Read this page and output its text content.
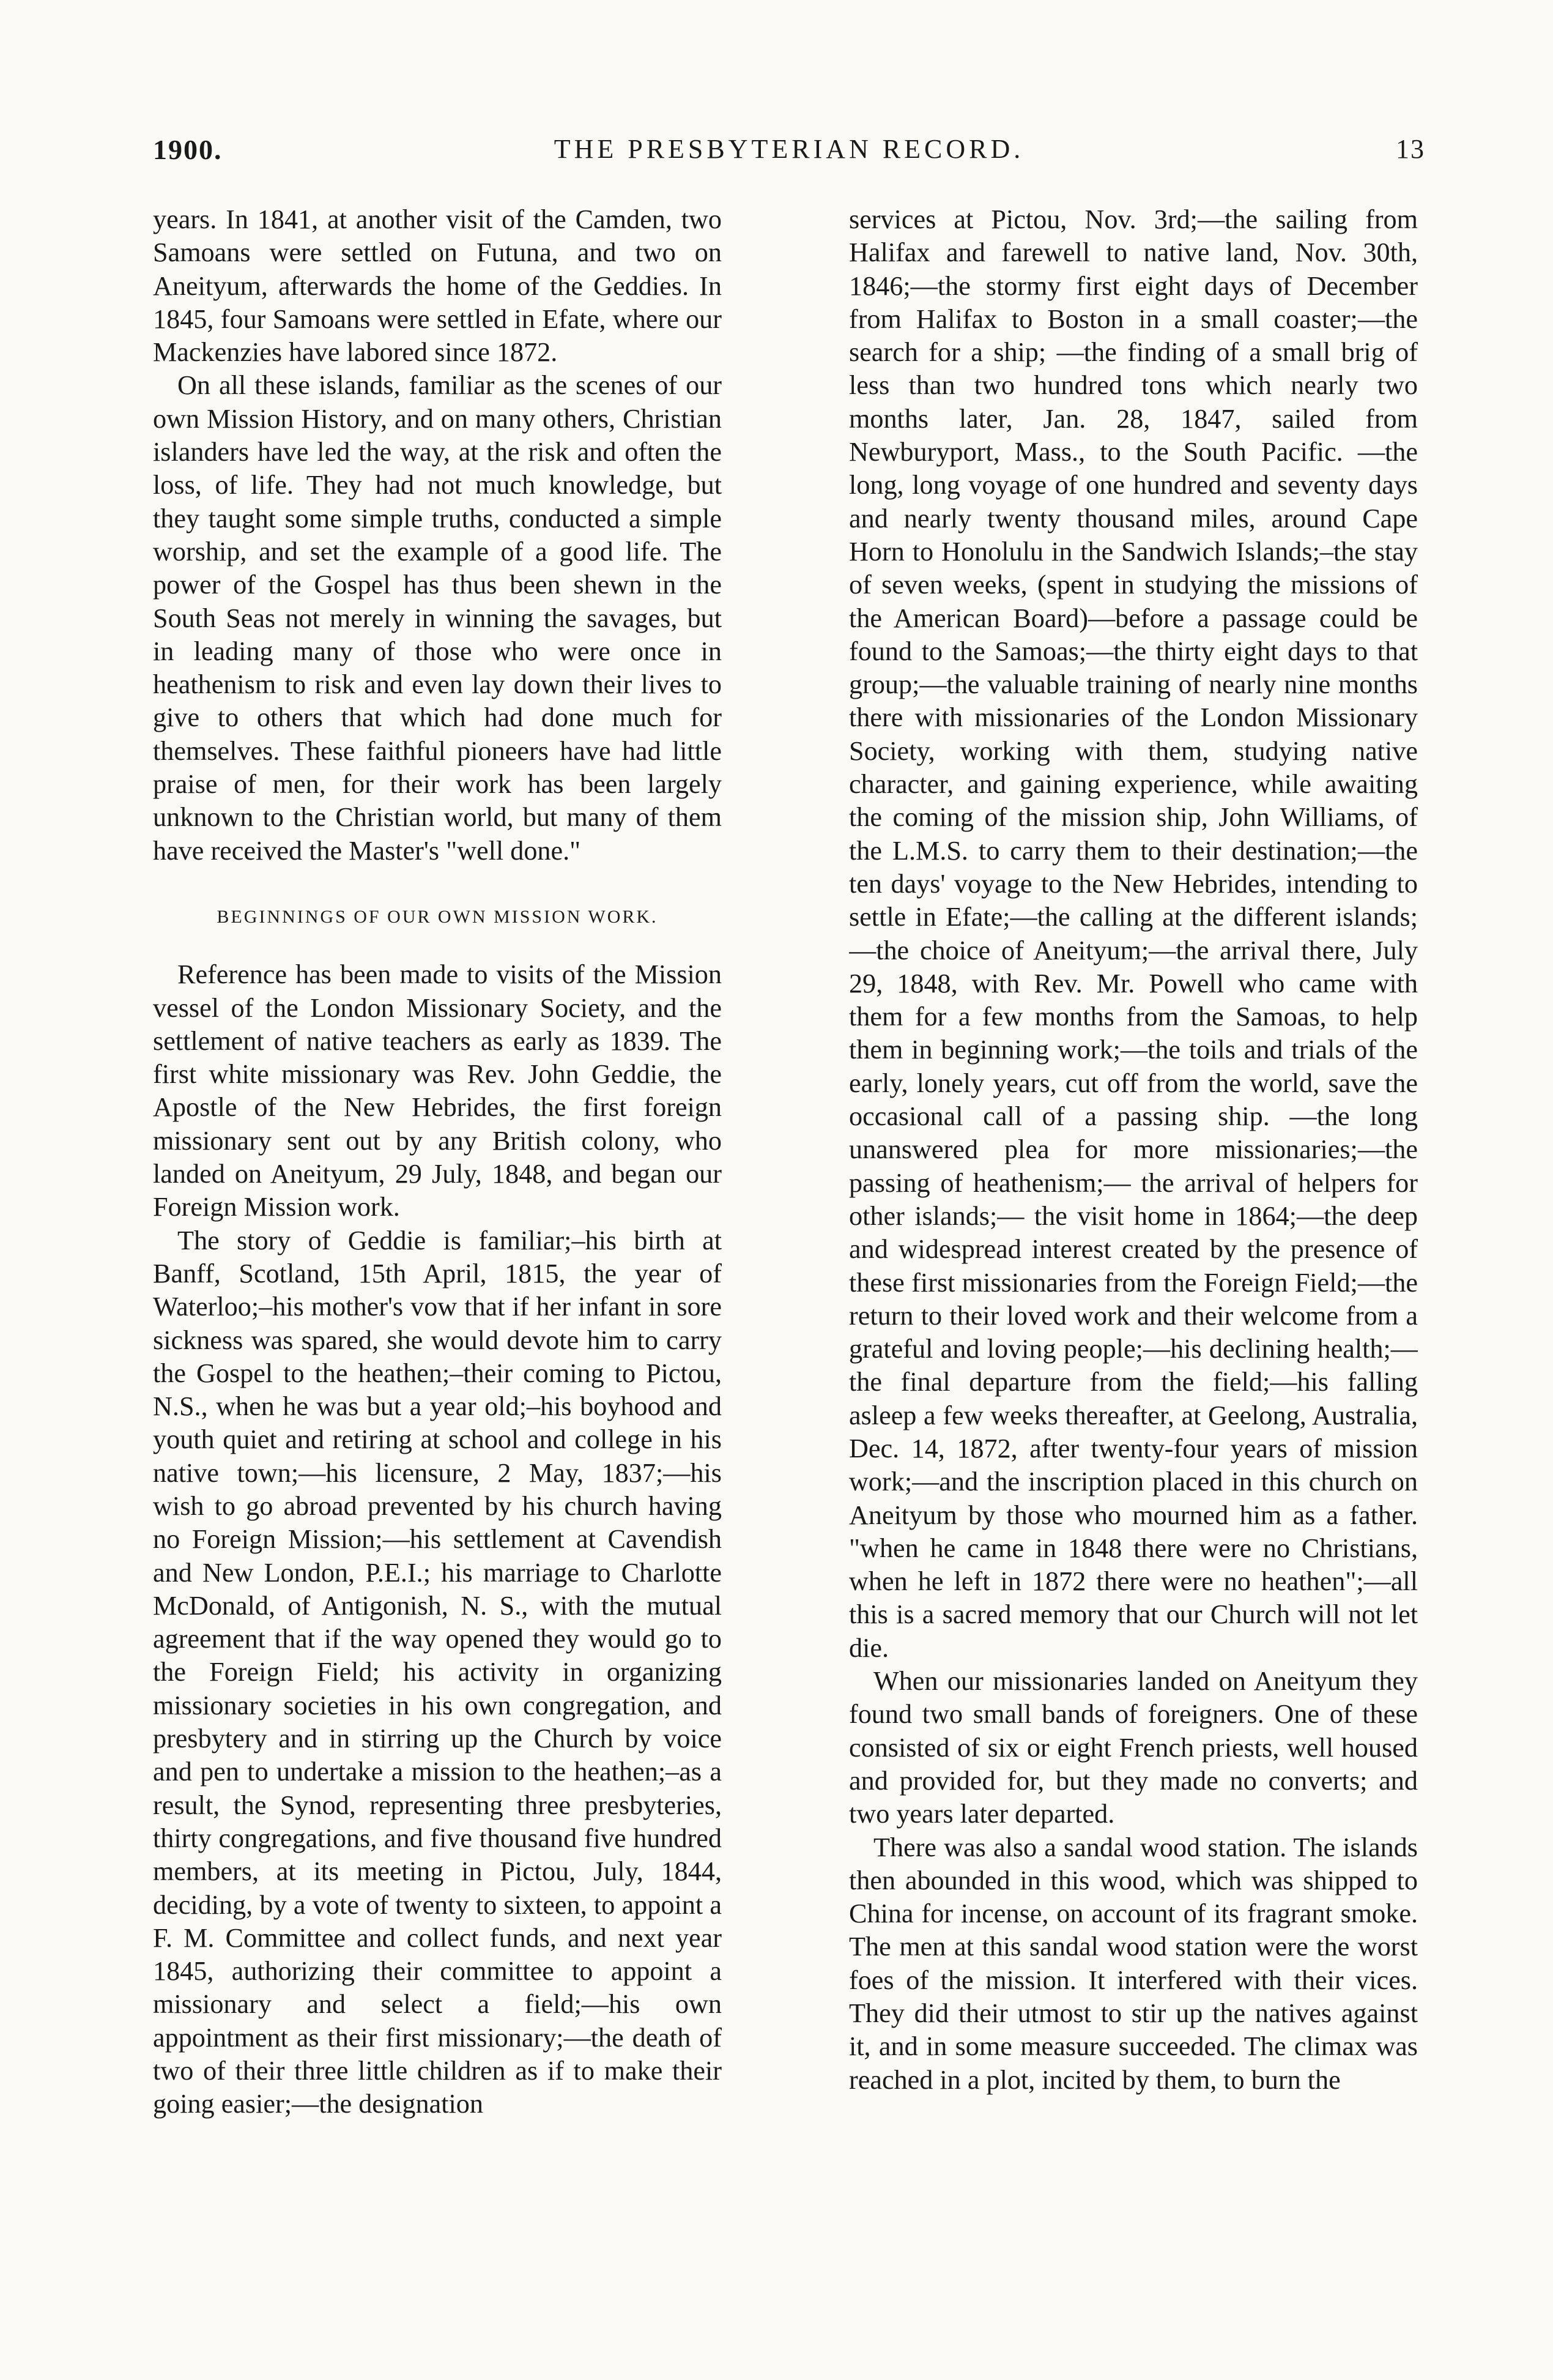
1900.	THE PRESBYTERIAN RECORD.	13

years. In 1841, at another visit of the Camden, two Samoans were settled on Futuna, and two on Aneityum, afterwards the home of the Geddies. In 1845, four Samoans were settled in Efate, where our Mackenzies have labored since 1872.

On all these islands, familiar as the scenes of our own Mission History, and on many others, Christian islanders have led the way, at the risk and often the loss, of life. They had not much knowledge, but they taught some simple truths, conducted a simple worship, and set the example of a good life. The power of the Gospel has thus been shewn in the South Seas not merely in winning the savages, but in leading many of those who were once in heathenism to risk and even lay down their lives to give to others that which had done much for themselves. These faithful pioneers have had little praise of men, for their work has been largely unknown to the Christian world, but many of them have received the Master's "well done."

BEGINNINGS OF OUR OWN MISSION WORK.

Reference has been made to visits of the Mission vessel of the London Missionary Society, and the settlement of native teachers as early as 1839. The first white missionary was Rev. John Geddie, the Apostle of the New Hebrides, the first foreign missionary sent out by any British colony, who landed on Aneityum, 29 July, 1848, and began our Foreign Mission work.

The story of Geddie is familiar;–his birth at Banff, Scotland, 15th April, 1815, the year of Waterloo;–his mother's vow that if her infant in sore sickness was spared, she would devote him to carry the Gospel to the heathen;–their coming to Pictou, N.S., when he was but a year old;–his boyhood and youth quiet and retiring at school and college in his native town;—his licensure, 2 May, 1837;—his wish to go abroad prevented by his church having no Foreign Mission;—his settlement at Cavendish and New London, P.E.I.; his marriage to Charlotte McDonald, of Antigonish, N. S., with the mutual agreement that if the way opened they would go to the Foreign Field; his activity in organizing missionary societies in his own congregation, and presbytery and in stirring up the Church by voice and pen to undertake a mission to the heathen;–as a result, the Synod, representing three presbyteries, thirty congregations, and five thousand five hundred members, at its meeting in Pictou, July, 1844, deciding, by a vote of twenty to sixteen, to appoint a F. M. Committee and collect funds, and next year 1845, authorizing their committee to appoint a missionary and select a field;—his own appointment as their first missionary;—the death of two of their three little children as if to make their going easier;—the designation

services at Pictou, Nov. 3rd;—the sailing from Halifax and farewell to native land, Nov. 30th, 1846;—the stormy first eight days of December from Halifax to Boston in a small coaster;—the search for a ship; —the finding of a small brig of less than two hundred tons which nearly two months later, Jan. 28, 1847, sailed from Newburyport, Mass., to the South Pacific. —the long, long voyage of one hundred and seventy days and nearly twenty thousand miles, around Cape Horn to Honolulu in the Sandwich Islands;–the stay of seven weeks, (spent in studying the missions of the American Board)—before a passage could be found to the Samoas;—the thirty eight days to that group;—the valuable training of nearly nine months there with missionaries of the London Missionary Society, working with them, studying native character, and gaining experience, while awaiting the coming of the mission ship, John Williams, of the L.M.S. to carry them to their destination;—the ten days' voyage to the New Hebrides, intending to settle in Efate;—the calling at the different islands; —the choice of Aneityum;—the arrival there, July 29, 1848, with Rev. Mr. Powell who came with them for a few months from the Samoas, to help them in beginning work;—the toils and trials of the early, lonely years, cut off from the world, save the occasional call of a passing ship. —the long unanswered plea for more missionaries;—the passing of heathenism;— the arrival of helpers for other islands;— the visit home in 1864;—the deep and widespread interest created by the presence of these first missionaries from the Foreign Field;—the return to their loved work and their welcome from a grateful and loving people;—his declining health;—the final departure from the field;—his falling asleep a few weeks thereafter, at Geelong, Australia, Dec. 14, 1872, after twenty-four years of mission work;—and the inscription placed in this church on Aneityum by those who mourned him as a father. "when he came in 1848 there were no Christians, when he left in 1872 there were no heathen";—all this is a sacred memory that our Church will not let die.

When our missionaries landed on Aneityum they found two small bands of foreigners. One of these consisted of six or eight French priests, well housed and provided for, but they made no converts; and two years later departed.

There was also a sandal wood station. The islands then abounded in this wood, which was shipped to China for incense, on account of its fragrant smoke. The men at this sandal wood station were the worst foes of the mission. It interfered with their vices. They did their utmost to stir up the natives against it, and in some measure succeeded. The climax was reached in a plot, incited by them, to burn the
